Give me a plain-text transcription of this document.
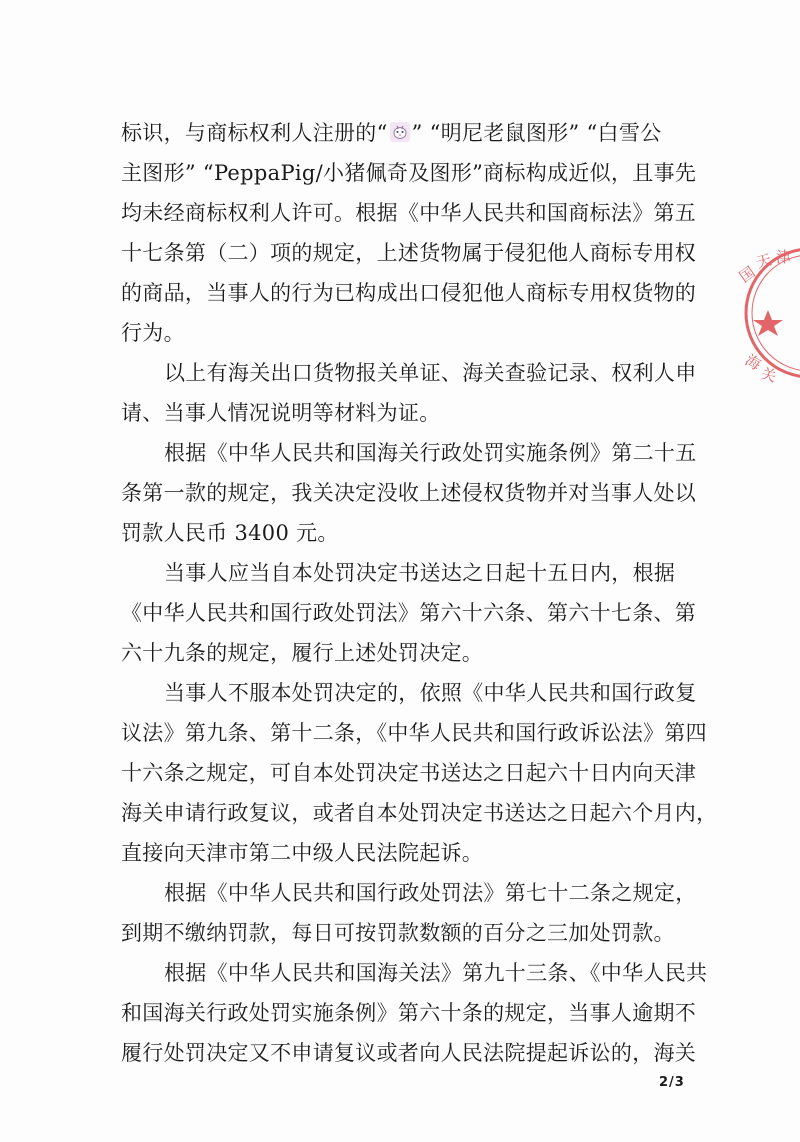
标识，与商标权利人注册的“ ” “明尼老鼠图形” “白雪公
主图形” “PeppaPig/小猪佩奇及图形”商标构成近似，且事先
均未经商标权利人许可。根据《中华人民共和国商标法》第五
十七条第（二）项的规定，上述货物属于侵犯他人商标专用权
的商品，当事人的行为已构成出口侵犯他人商标专用权货物的
行为。
以上有海关出口货物报关单证、海关查验记录、权利人申
请、当事人情况说明等材料为证。
根据《中华人民共和国海关行政处罚实施条例》第二十五
条第一款的规定，我关决定没收上述侵权货物并对当事人处以
罚款人民币 3400 元。
当事人应当自本处罚决定书送达之日起十五日内，根据
《中华人民共和国行政处罚法》第六十六条、第六十七条、第
六十九条的规定，履行上述处罚决定。
当事人不服本处罚决定的，依照《中华人民共和国行政复
议法》第九条、第十二条，《中华人民共和国行政诉讼法》第四
十六条之规定，可自本处罚决定书送达之日起六十日内向天津
海关申请行政复议，或者自本处罚决定书送达之日起六个月内，
直接向天津市第二中级人民法院起诉。
根据《中华人民共和国行政处罚法》第七十二条之规定，
到期不缴纳罚款，每日可按罚款数额的百分之三加处罚款。
根据《中华人民共和国海关法》第九十三条、《中华人民共
和国海关行政处罚实施条例》第六十条的规定，当事人逾期不
履行处罚决定又不申请复议或者向人民法院提起诉讼的，海关
2/3
国
天 津
海
关
